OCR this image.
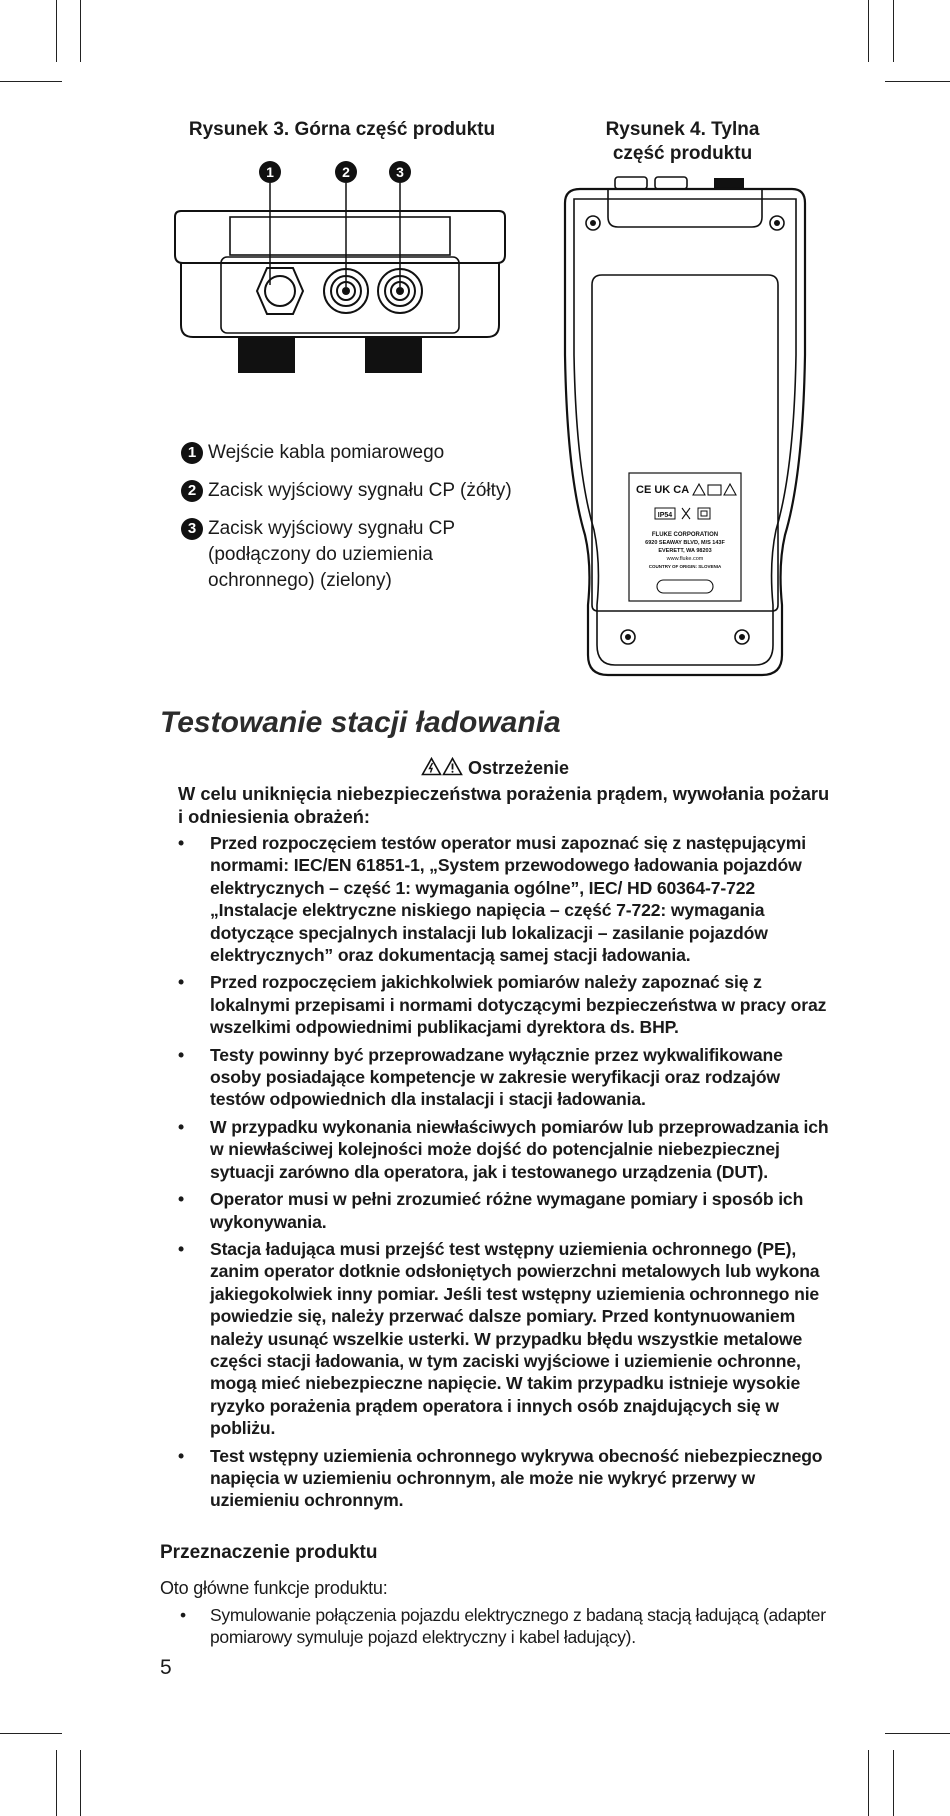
Rysunek 3. Górna część produktu	Rysunek 4. Tylna
część produktu
1	2	3
1 Wejście kabla pomiarowego
2 Zacisk wyjściowy sygnału CP (żółty)
3 Zacisk wyjściowy sygnału CP (podłączony do uziemienia ochronnego) (zielony)
CE UK CA
IP54
FLUKE CORPORATION
6920 SEAWAY BLVD, M/S 143F
EVERETT, WA 98203
www.fluke.com
COUNTRY OF ORIGIN: SLOVENIA
Testowanie stacji ładowania
Ostrzeżenie
W celu uniknięcia niebezpieczeństwa porażenia prądem, wywołania pożaru i odniesienia obrażeń:
• Przed rozpoczęciem testów operator musi zapoznać się z następującymi normami: IEC/EN 61851-1, „System przewodowego ładowania pojazdów elektrycznych – część 1: wymagania ogólne”, IEC/ HD 60364-7-722 „Instalacje elektryczne niskiego napięcia – część 7-722: wymagania dotyczące specjalnych instalacji lub lokalizacji – zasilanie pojazdów elektrycznych” oraz dokumentacją samej stacji ładowania.
• Przed rozpoczęciem jakichkolwiek pomiarów należy zapoznać się z lokalnymi przepisami i normami dotyczącymi bezpieczeństwa w pracy oraz wszelkimi odpowiednimi publikacjami dyrektora ds. BHP.
• Testy powinny być przeprowadzane wyłącznie przez wykwalifikowane osoby posiadające kompetencje w zakresie weryfikacji oraz rodzajów testów odpowiednich dla instalacji i stacji ładowania.
• W przypadku wykonania niewłaściwych pomiarów lub przeprowadzania ich w niewłaściwej kolejności może dojść do potencjalnie niebezpiecznej sytuacji zarówno dla operatora, jak i testowanego urządzenia (DUT).
• Operator musi w pełni zrozumieć różne wymagane pomiary i sposób ich wykonywania.
• Stacja ładująca musi przejść test wstępny uziemienia ochronnego (PE), zanim operator dotknie odsłoniętych powierzchni metalowych lub wykona jakiegokolwiek inny pomiar. Jeśli test wstępny uziemienia ochronnego nie powiedzie się, należy przerwać dalsze pomiary. Przed kontynuowaniem należy usunąć wszelkie usterki. W przypadku błędu wszystkie metalowe części stacji ładowania, w tym zaciski wyjściowe i uziemienie ochronne, mogą mieć niebezpieczne napięcie. W takim przypadku istnieje wysokie ryzyko porażenia prądem operatora i innych osób znajdujących się w pobliżu.
• Test wstępny uziemienia ochronnego wykrywa obecność niebezpiecznego napięcia w uziemieniu ochronnym, ale może nie wykryć przerwy w uziemieniu ochronnym.
Przeznaczenie produktu
Oto główne funkcje produktu:
• Symulowanie połączenia pojazdu elektrycznego z badaną stacją ładującą (adapter pomiarowy symuluje pojazd elektryczny i kabel ładujący).
5
